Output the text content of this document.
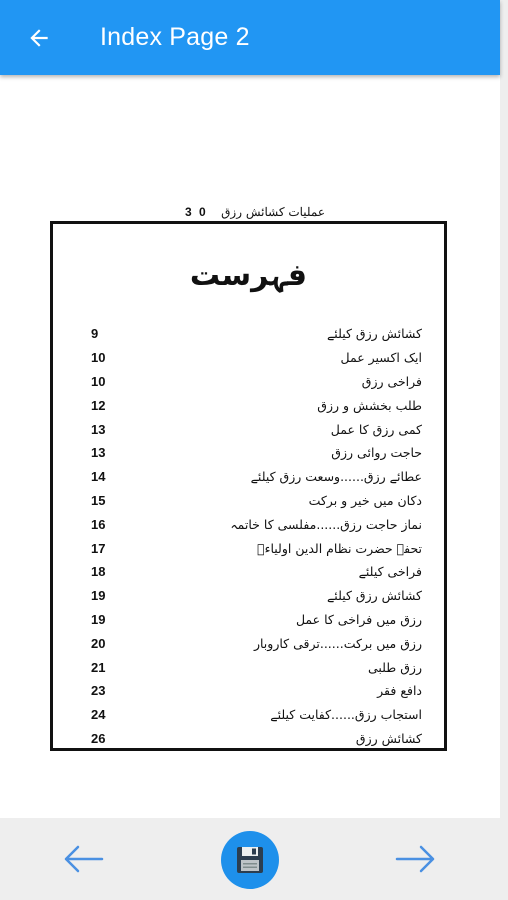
Index Page 2
3 0 عملیات کشائش رزق
فہرست
9	کشائش رزق کیلئے
10	ایک اکسیر عمل
10	فراخی رزق
12	طلب بخشش و رزق
13	کمی رزق کا عمل
13	حاجت روائی رزق
14	عطائے رزق......وسعت رزق کیلئے
15	دکان میں خیر و برکت
16	نماز حاجت رزق......مفلسی کا خاتمہ
17	تحفہ حضرت نظام الدین اولیاءؒ
18	فراخی کیلئے
19	کشائش رزق کیلئے
19	رزق میں فراخی کا عمل
20	رزق میں برکت......ترقی کاروبار
21	رزق طلبی
23	دافع فقر
24	استجاب رزق......کفایت کیلئے
26	کشائش رزق
